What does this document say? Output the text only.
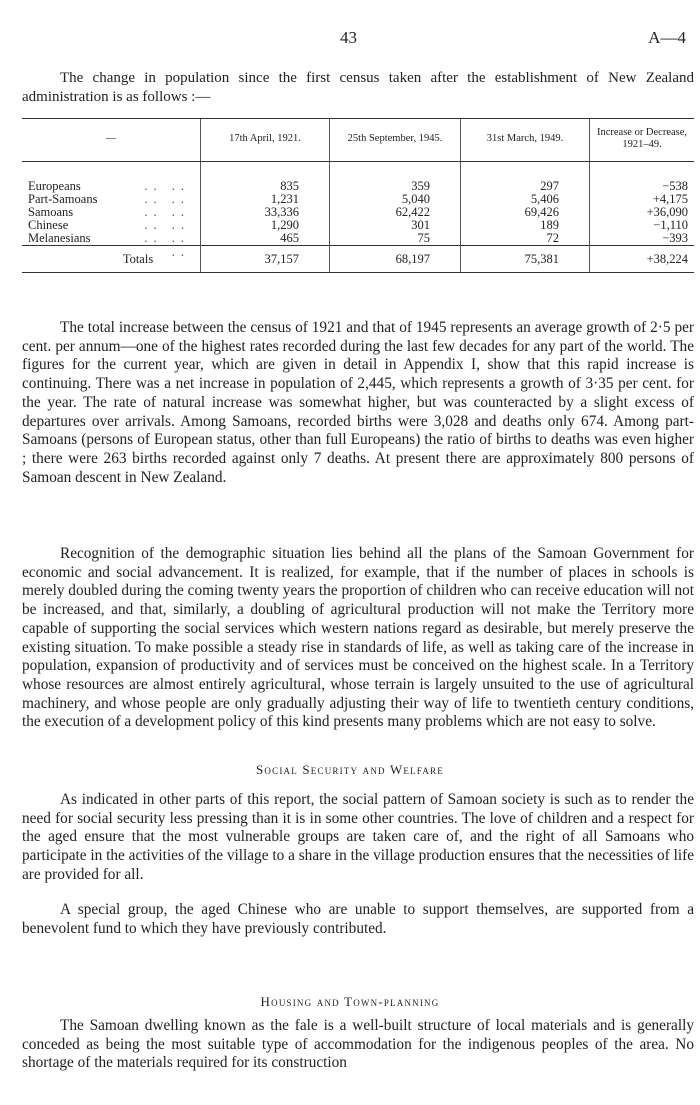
43	A—4

The change in population since the first census taken after the establishment of New Zealand administration is as follows :—

—	17th April, 1921.	25th September, 1945.	31st March, 1949.	Increase or Decrease, 1921–49.

Europeans .. ..	835	359	297	−538
Part-Samoans .. ..	1,231	5,040	5,406	+4,175
Samoans .. ..	33,336	62,422	69,426	+36,090
Chinese .. ..	1,290	301	189	−1,110
Melanesians .. ..	465	75	72	−393
Totals ..	37,157	68,197	75,381	+38,224

The total increase between the census of 1921 and that of 1945 represents an average growth of 2·5 per cent. per annum—one of the highest rates recorded during the last few decades for any part of the world. The figures for the current year, which are given in detail in Appendix I, show that this rapid increase is continuing. There was a net increase in population of 2,445, which represents a growth of 3·35 per cent. for the year. The rate of natural increase was somewhat higher, but was counteracted by a slight excess of departures over arrivals. Among Samoans, recorded births were 3,028 and deaths only 674. Among part-Samoans (persons of European status, other than full Europeans) the ratio of births to deaths was even higher ; there were 263 births recorded against only 7 deaths. At present there are approximately 800 persons of Samoan descent in New Zealand.

Recognition of the demographic situation lies behind all the plans of the Samoan Government for economic and social advancement. It is realized, for example, that if the number of places in schools is merely doubled during the coming twenty years the proportion of children who can receive education will not be increased, and that, similarly, a doubling of agricultural production will not make the Territory more capable of supporting the social services which western nations regard as desirable, but merely preserve the existing situation. To make possible a steady rise in standards of life, as well as taking care of the increase in population, expansion of productivity and of services must be conceived on the highest scale. In a Territory whose resources are almost entirely agricultural, whose terrain is largely unsuited to the use of agricultural machinery, and whose people are only gradually adjusting their way of life to twentieth century conditions, the execution of a development policy of this kind presents many problems which are not easy to solve.

Social Security and Welfare

As indicated in other parts of this report, the social pattern of Samoan society is such as to render the need for social security less pressing than it is in some other countries. The love of children and a respect for the aged ensure that the most vulnerable groups are taken care of, and the right of all Samoans who participate in the activities of the village to a share in the village production ensures that the necessities of life are provided for all.

A special group, the aged Chinese who are unable to support themselves, are supported from a benevolent fund to which they have previously contributed.

Housing and Town-planning

The Samoan dwelling known as the fale is a well-built structure of local materials and is generally conceded as being the most suitable type of accommodation for the indigenous peoples of the area. No shortage of the materials required for its construction
